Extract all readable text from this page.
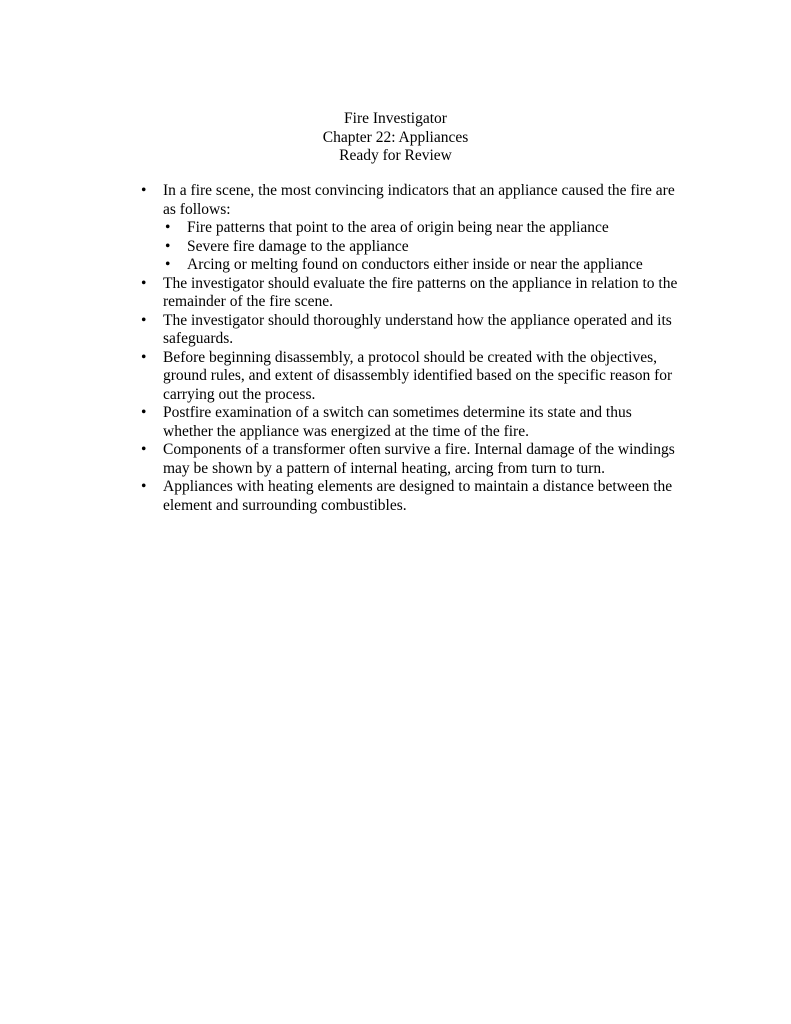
Fire Investigator
Chapter 22: Appliances
Ready for Review
• In a fire scene, the most convincing indicators that an appliance caused the fire are as follows:
• Fire patterns that point to the area of origin being near the appliance
• Severe fire damage to the appliance
• Arcing or melting found on conductors either inside or near the appliance
• The investigator should evaluate the fire patterns on the appliance in relation to the remainder of the fire scene.
• The investigator should thoroughly understand how the appliance operated and its safeguards.
• Before beginning disassembly, a protocol should be created with the objectives, ground rules, and extent of disassembly identified based on the specific reason for carrying out the process.
• Postfire examination of a switch can sometimes determine its state and thus whether the appliance was energized at the time of the fire.
• Components of a transformer often survive a fire. Internal damage of the windings may be shown by a pattern of internal heating, arcing from turn to turn.
• Appliances with heating elements are designed to maintain a distance between the element and surrounding combustibles.
